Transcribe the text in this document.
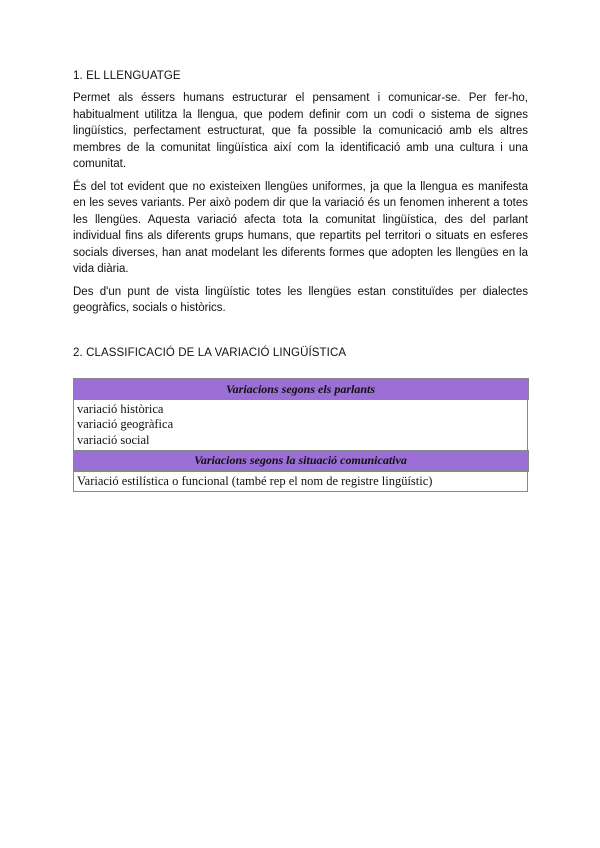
1. EL LLENGUATGE

Permet als éssers humans estructurar el pensament i comunicar-se. Per fer-ho, habitualment utilitza la llengua, que podem definir com un codi o sistema de signes lingüístics, perfectament estructurat, que fa possible la comunicació amb els altres membres de la comunitat lingüística així com la identificació amb una cultura i una comunitat.

És del tot evident que no existeixen llengües uniformes, ja que la llengua es manifesta en les seves variants. Per això podem dir que la variació és un fenomen inherent a totes les llengües. Aquesta variació afecta tota la comunitat lingüística, des del parlant individual fins als diferents grups humans, que repartits pel territori o situats en esferes socials diverses, han anat modelant les diferents formes que adopten les llengües en la vida diària.

Des d'un punt de vista lingüístic totes les llengües estan constituïdes per dialectes geogràfics, socials o històrics.

2. CLASSIFICACIÓ DE LA VARIACIÓ LINGÜÍSTICA
Variacions segons els parlants

variació històrica
variació geogràfica
variació social

Variacions segons la situació comunicativa
Variació estilística o funcional (també rep el nom de registre lingüístic)
